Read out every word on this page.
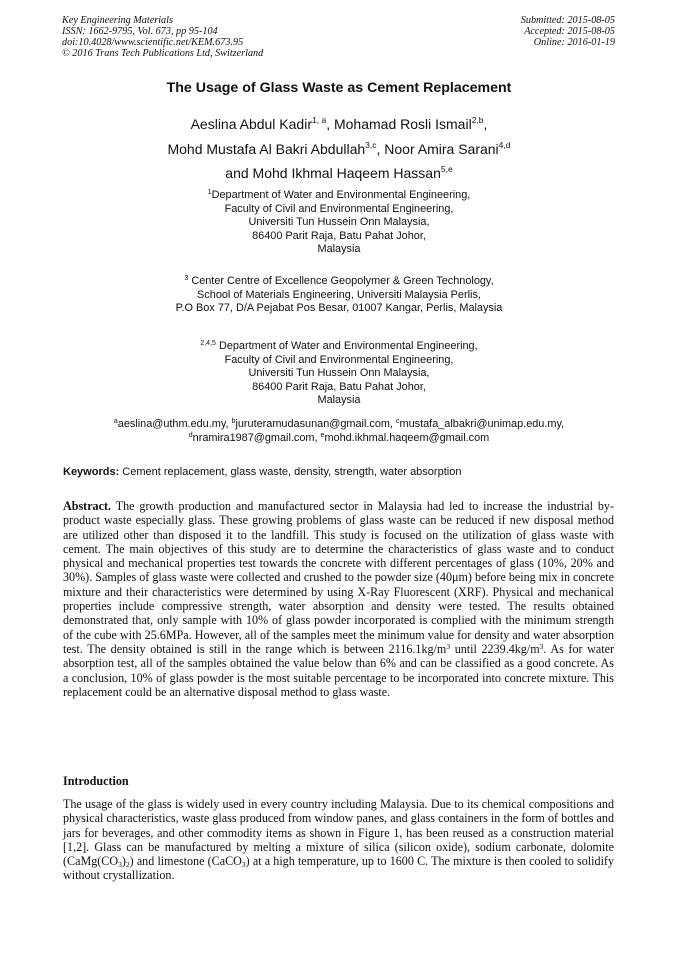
Key Engineering Materials
ISSN: 1662-9795, Vol. 673, pp 95-104
doi:10.4028/www.scientific.net/KEM.673.95
© 2016 Trans Tech Publications Ltd, Switzerland
Submitted: 2015-08-05
Accepted: 2015-08-05
Online: 2016-01-19
The Usage of Glass Waste as Cement Replacement
Aeslina Abdul Kadir$^{1, a}$, Mohamad Rosli Ismail$^{2,b}$,
Mohd Mustafa Al Bakri Abdullah$^{3,c}$, Noor Amira Sarani$^{4,d}$
and Mohd Ikhmal Haqeem Hassan$^{5,e}$
$^1$Department of Water and Environmental Engineering,
Faculty of Civil and Environmental Engineering,
Universiti Tun Hussein Onn Malaysia,
86400 Parit Raja, Batu Pahat Johor,
Malaysia
$^3$ Center Centre of Excellence Geopolymer & Green Technology,
School of Materials Engineering, Universiti Malaysia Perlis,
P.O Box 77, D/A Pejabat Pos Besar, 01007 Kangar, Perlis, Malaysia
$^{2,4,5}$ Department of Water and Environmental Engineering,
Faculty of Civil and Environmental Engineering,
Universiti Tun Hussein Onn Malaysia,
86400 Parit Raja, Batu Pahat Johor,
Malaysia
$^a$aeslina@uthm.edu.my, $^b$juruteramudasunan@gmail.com, $^c$mustafa_albakri@unimap.edu.my,
$^d$nramira1987@gmail.com, $^e$mohd.ikhmal.haqeem@gmail.com
Keywords: Cement replacement, glass waste, density, strength, water absorption
Abstract. The growth production and manufactured sector in Malaysia had led to increase the industrial by-product waste especially glass. These growing problems of glass waste can be reduced if new disposal method are utilized other than disposed it to the landfill. This study is focused on the utilization of glass waste with cement. The main objectives of this study are to determine the characteristics of glass waste and to conduct physical and mechanical properties test towards the concrete with different percentages of glass (10%, 20% and 30%). Samples of glass waste were collected and crushed to the powder size (40μm) before being mix in concrete mixture and their characteristics were determined by using X-Ray Fluorescent (XRF). Physical and mechanical properties include compressive strength, water absorption and density were tested. The results obtained demonstrated that, only sample with 10% of glass powder incorporated is complied with the minimum strength of the cube with 25.6MPa. However, all of the samples meet the minimum value for density and water absorption test. The density obtained is still in the range which is between $2116.1kg/m^3$ until $2239.4kg/m^3$. As for water absorption test, all of the samples obtained the value below than 6% and can be classified as a good concrete. As a conclusion, 10% of glass powder is the most suitable percentage to be incorporated into concrete mixture. This replacement could be an alternative disposal method to glass waste.
Introduction
The usage of the glass is widely used in every country including Malaysia. Due to its chemical compositions and physical characteristics, waste glass produced from window panes, and glass containers in the form of bottles and jars for beverages, and other commodity items as shown in Figure 1, has been reused as a construction material [1,2]. Glass can be manufactured by melting a mixture of silica (silicon oxide), sodium carbonate, dolomite $(CaMg(CO_3)_2)$ and limestone (CaCO$_3$) at a high temperature, up to 1600 C. The mixture is then cooled to solidify without crystallization.
